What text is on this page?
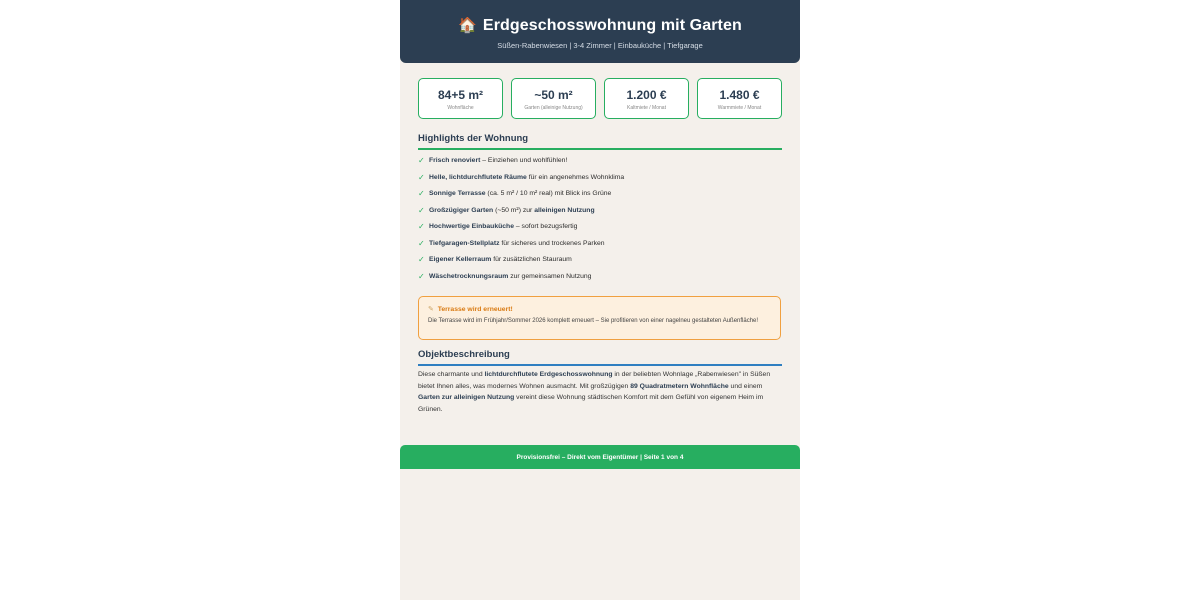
🏠 Erdgeschosswohnung mit Garten
Süßen-Rabenwiesen | 3-4 Zimmer | Einbauküche | Tiefgarage
84+5 m²
Wohnfläche
~50 m²
Garten (alleinige Nutzung)
1.200 €
Kaltmiete / Monat
1.480 €
Warmmiete / Monat
Highlights der Wohnung
✓ Frisch renoviert – Einziehen und wohlfühlen!
✓ Helle, lichtdurchflutete Räume für ein angenehmes Wohnklima
✓ Sonnige Terrasse (ca. 5 m² / 10 m² real) mit Blick ins Grüne
✓ Großzügiger Garten (~50 m²) zur alleinigen Nutzung
✓ Hochwertige Einbauküche – sofort bezugsfertig
✓ Tiefgaragen-Stellplatz für sicheres und trockenes Parken
✓ Eigener Kellerraum für zusätzlichen Stauraum
✓ Wäschetrocknungsraum zur gemeinsamen Nutzung
✎ Terrasse wird erneuert!
Die Terrasse wird im Frühjahr/Sommer 2026 komplett erneuert – Sie profitieren von einer nagelneu gestalteten Außenfläche!
Objektbeschreibung
Diese charmante und lichtdurchflutete Erdgeschosswohnung in der beliebten Wohnlage „Rabenwiesen" in Süßen bietet Ihnen alles, was modernes Wohnen ausmacht. Mit großzügigen 89 Quadratmetern Wohnfläche und einem Garten zur alleinigen Nutzung vereint diese Wohnung städtischen Komfort mit dem Gefühl von eigenem Heim im Grünen.
Provisionsfrei – Direkt vom Eigentümer | Seite 1 von 4
